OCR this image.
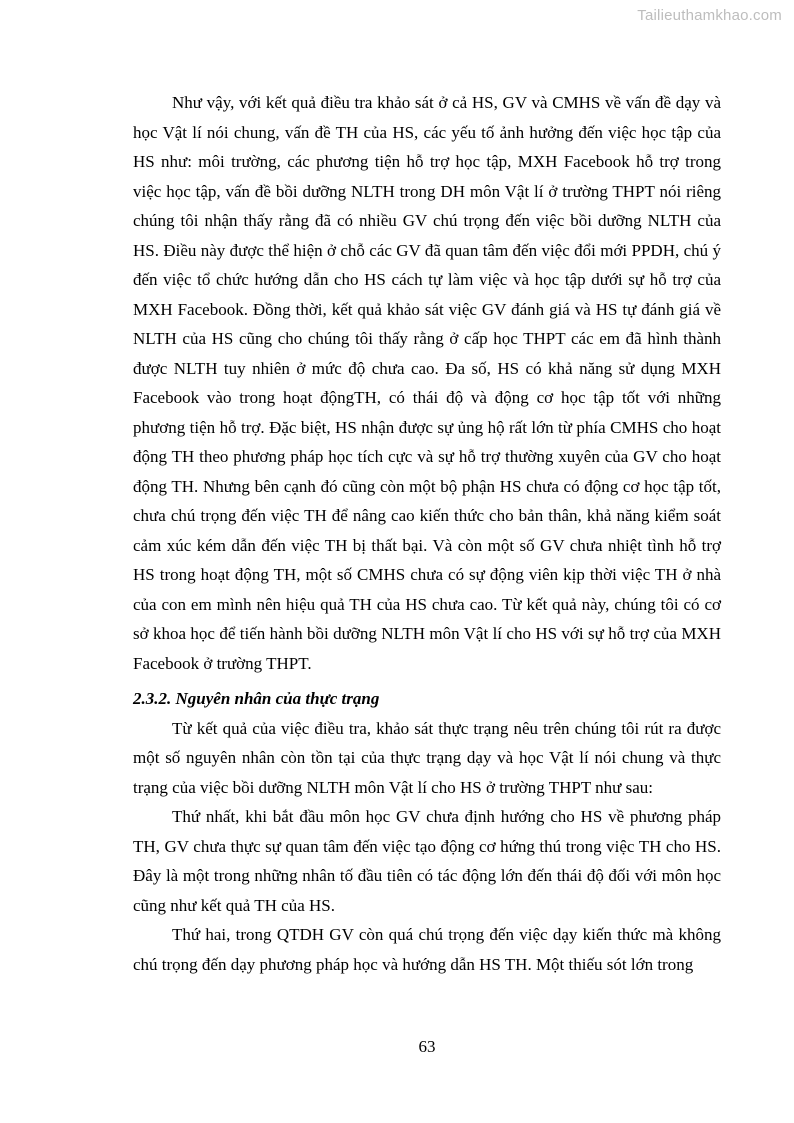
Tailieuthamkhao.com

Như vậy, với kết quả điều tra khảo sát ở cả HS, GV và CMHS về vấn đề dạy và học Vật lí nói chung, vấn đề TH của HS, các yếu tố ảnh hưởng đến việc học tập của HS như: môi trường, các phương tiện hỗ trợ học tập, MXH Facebook hỗ trợ trong việc học tập, vấn đề bồi dưỡng NLTH trong DH môn Vật lí ở trường THPT nói riêng chúng tôi nhận thấy rằng đã có nhiều GV chú trọng đến việc bồi dưỡng NLTH của HS. Điều này được thể hiện ở chỗ các GV đã quan tâm đến việc đổi mới PPDH, chú ý đến việc tổ chức hướng dẫn cho HS cách tự làm việc và học tập dưới sự hỗ trợ của MXH Facebook. Đồng thời, kết quả khảo sát việc GV đánh giá và HS tự đánh giá về NLTH của HS cũng cho chúng tôi thấy rằng ở cấp học THPT các em đã hình thành được NLTH tuy nhiên ở mức độ chưa cao. Đa số, HS có khả năng sử dụng MXH Facebook vào trong hoạt độngTH, có thái độ và động cơ học tập tốt với những phương tiện hỗ trợ. Đặc biệt, HS nhận được sự ủng hộ rất lớn từ phía CMHS cho hoạt động TH theo phương pháp học tích cực và sự hỗ trợ thường xuyên của GV cho hoạt động TH. Nhưng bên cạnh đó cũng còn một bộ phận HS chưa có động cơ học tập tốt, chưa chú trọng đến việc TH để nâng cao kiến thức cho bản thân, khả năng kiểm soát cảm xúc kém dẫn đến việc TH bị thất bại. Và còn một số GV chưa nhiệt tình hỗ trợ HS trong hoạt động TH, một số CMHS chưa có sự động viên kịp thời việc TH ở nhà của con em mình nên hiệu quả TH của HS chưa cao. Từ kết quả này, chúng tôi có cơ sở khoa học để tiến hành bồi dưỡng NLTH môn Vật lí cho HS với sự hỗ trợ của MXH Facebook ở trường THPT.

2.3.2. Nguyên nhân của thực trạng

Từ kết quả của việc điều tra, khảo sát thực trạng nêu trên chúng tôi rút ra được một số nguyên nhân còn tồn tại của thực trạng dạy và học Vật lí nói chung và thực trạng của việc bồi dưỡng NLTH môn Vật lí cho HS ở trường THPT như sau:

Thứ nhất, khi bắt đầu môn học GV chưa định hướng cho HS về phương pháp TH, GV chưa thực sự quan tâm đến việc tạo động cơ hứng thú trong việc TH cho HS. Đây là một trong những nhân tố đầu tiên có tác động lớn đến thái độ đối với môn học cũng như kết quả TH của HS.

Thứ hai, trong QTDH GV còn quá chú trọng đến việc dạy kiến thức mà không chú trọng đến dạy phương pháp học và hướng dẫn HS TH. Một thiếu sót lớn trong

63
